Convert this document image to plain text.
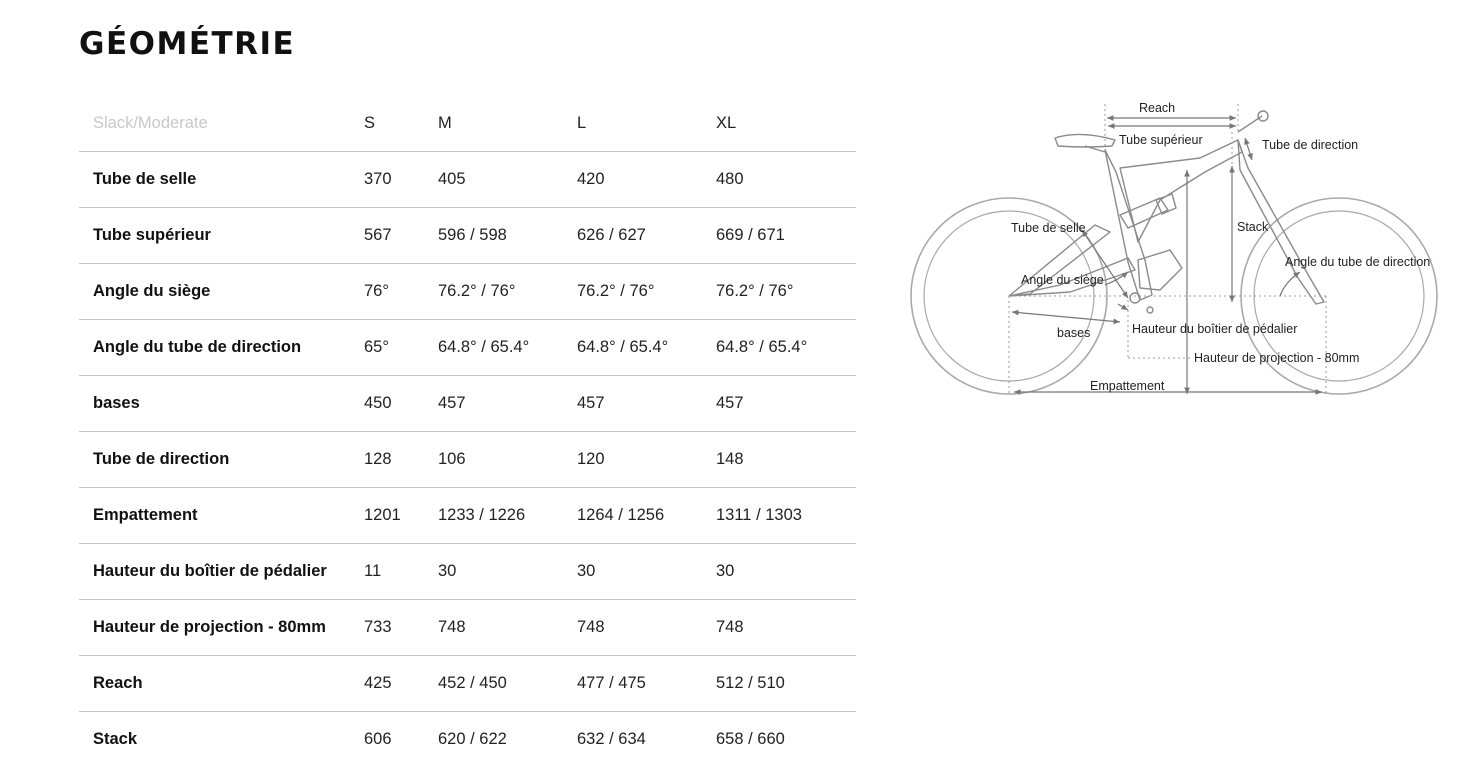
GÉOMÉTRIE
Slack/Moderate	S	M	L	XL
Tube de selle	370	405	420	480
Tube supérieur	567	596 / 598	626 / 627	669 / 671
Angle du siège	76°	76.2° / 76°	76.2° / 76°	76.2° / 76°
Angle du tube de direction	65°	64.8° / 65.4°	64.8° / 65.4°	64.8° / 65.4°
bases	450	457	457	457
Tube de direction	128	106	120	148
Empattement	1201	1233 / 1226	1264 / 1256	1311 / 1303
Hauteur du boîtier de pédalier	11	30	30	30
Hauteur de projection - 80mm	733	748	748	748
Reach	425	452 / 450	477 / 475	512 / 510
Stack	606	620 / 622	632 / 634	658 / 660
Reach
Tube supérieur	Tube de direction
Stack
Tube de selle
Angle du siège
Angle du tube de direction
bases	Hauteur du boîtier de pédalier
Hauteur de projection - 80mm
Empattement
